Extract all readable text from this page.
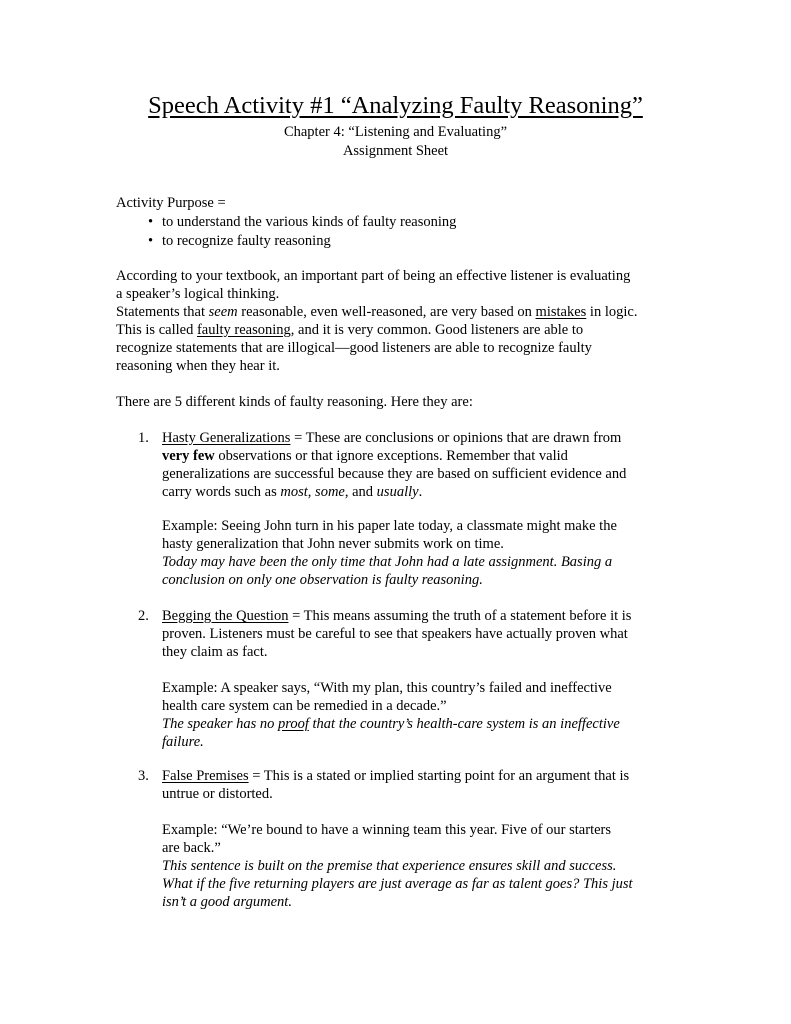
Speech Activity #1 “Analyzing Faulty Reasoning”
Chapter 4: “Listening and Evaluating”
Assignment Sheet
Activity Purpose =
• to understand the various kinds of faulty reasoning
• to recognize faulty reasoning
According to your textbook, an important part of being an effective listener is evaluating
a speaker’s logical thinking.
Statements that seem reasonable, even well-reasoned, are very based on mistakes in logic.
This is called faulty reasoning, and it is very common. Good listeners are able to
recognize statements that are illogical—good listeners are able to recognize faulty
reasoning when they hear it.
There are 5 different kinds of faulty reasoning. Here they are:
1. Hasty Generalizations = These are conclusions or opinions that are drawn from
very few observations or that ignore exceptions. Remember that valid
generalizations are successful because they are based on sufficient evidence and
carry words such as most, some, and usually.
Example: Seeing John turn in his paper late today, a classmate might make the
hasty generalization that John never submits work on time.
Today may have been the only time that John had a late assignment. Basing a
conclusion on only one observation is faulty reasoning.
2. Begging the Question = This means assuming the truth of a statement before it is
proven. Listeners must be careful to see that speakers have actually proven what
they claim as fact.
Example: A speaker says, “With my plan, this country’s failed and ineffective
health care system can be remedied in a decade.”
The speaker has no proof that the country’s health-care system is an ineffective
failure.
3. False Premises = This is a stated or implied starting point for an argument that is
untrue or distorted.
Example: “We’re bound to have a winning team this year. Five of our starters
are back.”
This sentence is built on the premise that experience ensures skill and success.
What if the five returning players are just average as far as talent goes? This just
isn’t a good argument.
